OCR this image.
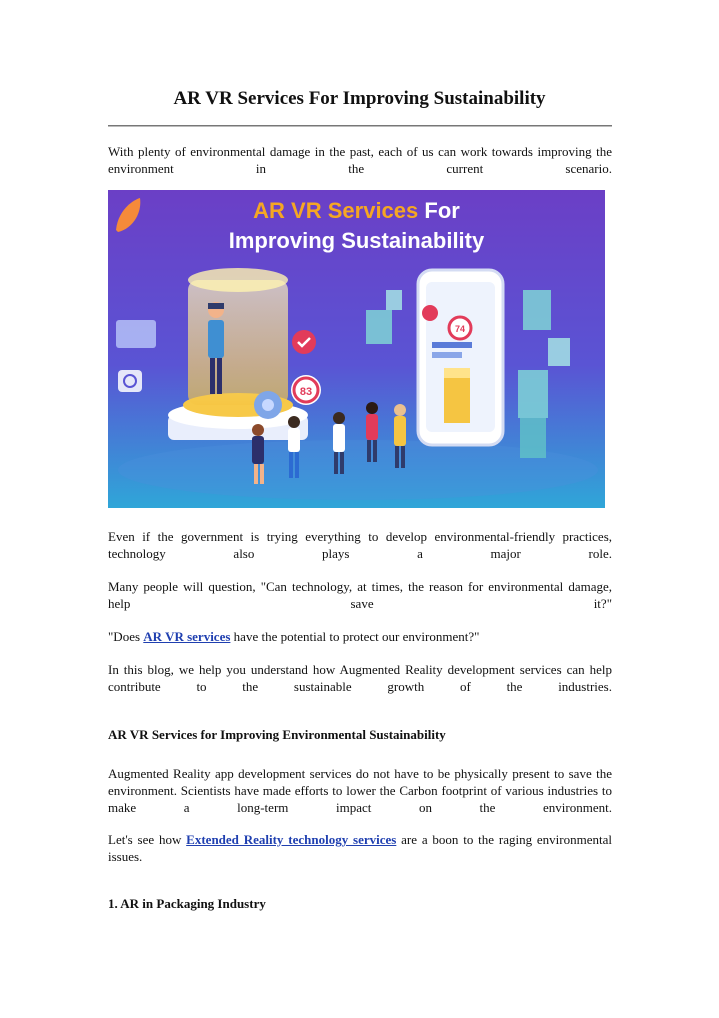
AR VR Services For Improving Sustainability

With plenty of environmental damage in the past, each of us can work towards improving the environment in the current scenario.

83
74
AR VR Services For
Improving Sustainability

Even if the government is trying everything to develop environmental-friendly practices, technology also plays a major role.

Many people will question, "Can technology, at times, the reason for environmental damage, help save it?"

"Does AR VR services have the potential to protect our environment?"

In this blog, we help you understand how Augmented Reality development services can help contribute to the sustainable growth of the industries.

AR VR Services for Improving Environmental Sustainability

Augmented Reality app development services do not have to be physically present to save the environment. Scientists have made efforts to lower the Carbon footprint of various industries to make a long-term impact on the environment.

Let's see how Extended Reality technology services are a boon to the raging environmental issues.

1. AR in Packaging Industry
